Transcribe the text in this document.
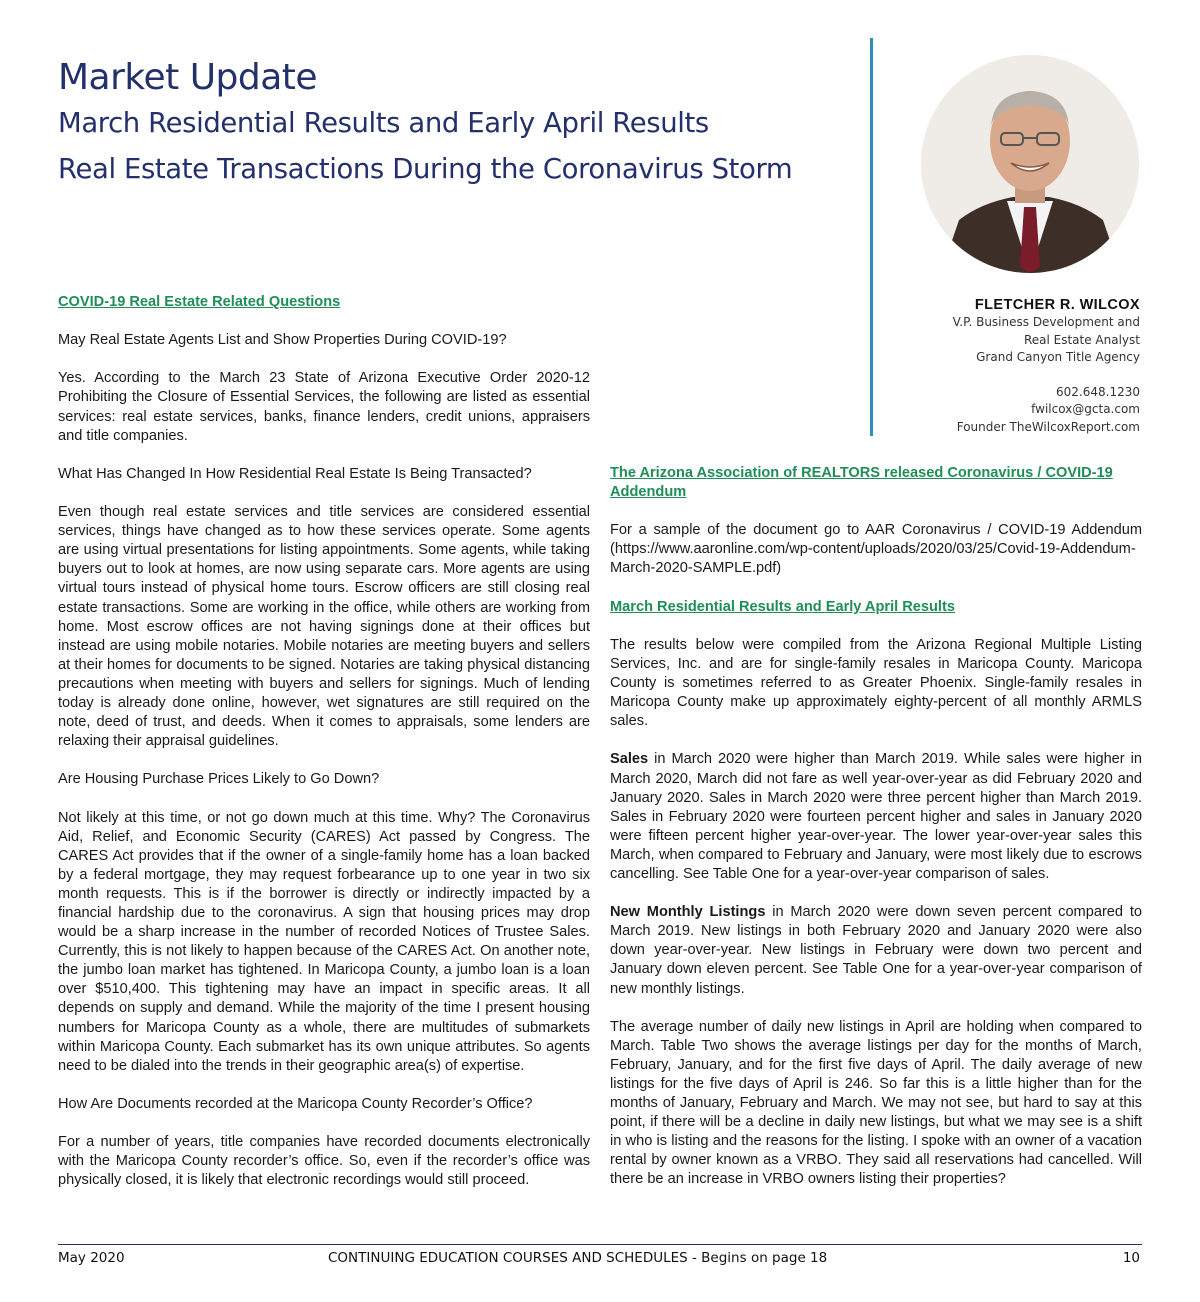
Market Update
March Residential Results and Early April Results
Real Estate Transactions During the Coronavirus Storm
FLETCHER R. WILCOX
V.P. Business Development and
Real Estate Analyst
Grand Canyon Title Agency
602.648.1230
fwilcox@gcta.com
Founder TheWilcoxReport.com

COVID-19 Real Estate Related Questions

May Real Estate Agents List and Show Properties During COVID-19?

Yes. According to the March 23 State of Arizona Executive Order 2020-12 Prohibiting the Closure of Essential Services, the following are listed as essential services: real estate services, banks, finance lenders, credit unions, appraisers and title companies.

What Has Changed In How Residential Real Estate Is Being Transacted?

Even though real estate services and title services are considered essential services, things have changed as to how these services operate. Some agents are using virtual presentations for listing appointments. Some agents, while taking buyers out to look at homes, are now using separate cars. More agents are using virtual tours instead of physical home tours. Escrow officers are still closing real estate transactions. Some are working in the office, while others are working from home. Most escrow offices are not having signings done at their offices but instead are using mobile notaries. Mobile notaries are meeting buyers and sellers at their homes for documents to be signed. Notaries are taking physical distancing precautions when meeting with buyers and sellers for signings. Much of lending today is already done online, however, wet signatures are still required on the note, deed of trust, and deeds. When it comes to appraisals, some lenders are relaxing their appraisal guidelines.

Are Housing Purchase Prices Likely to Go Down?

Not likely at this time, or not go down much at this time. Why? The Coronavirus Aid, Relief, and Economic Security (CARES) Act passed by Congress. The CARES Act provides that if the owner of a single-family home has a loan backed by a federal mortgage, they may request forbearance up to one year in two six month requests. This is if the borrower is directly or indirectly impacted by a financial hardship due to the coronavirus. A sign that housing prices may drop would be a sharp increase in the number of recorded Notices of Trustee Sales. Currently, this is not likely to happen because of the CARES Act. On another note, the jumbo loan market has tightened. In Maricopa County, a jumbo loan is a loan over $510,400. This tightening may have an impact in specific areas. It all depends on supply and demand. While the majority of the time I present housing numbers for Maricopa County as a whole, there are multitudes of submarkets within Maricopa County. Each submarket has its own unique attributes. So agents need to be dialed into the trends in their geographic area(s) of expertise.

How Are Documents recorded at the Maricopa County Recorder’s Office?

For a number of years, title companies have recorded documents electronically with the Maricopa County recorder’s office. So, even if the recorder’s office was physically closed, it is likely that electronic recordings would still proceed.

The Arizona Association of REALTORS released Coronavirus / COVID-19 Addendum

For a sample of the document go to AAR Coronavirus / COVID-19 Addendum (https://www.aaronline.com/wp-content/uploads/2020/03/25/Covid-19-Addendum-March-2020-SAMPLE.pdf)

March Residential Results and Early April Results

The results below were compiled from the Arizona Regional Multiple Listing Services, Inc. and are for single-family resales in Maricopa County. Maricopa County is sometimes referred to as Greater Phoenix. Single-family resales in Maricopa County make up approximately eighty-percent of all monthly ARMLS sales.

Sales in March 2020 were higher than March 2019. While sales were higher in March 2020, March did not fare as well year-over-year as did February 2020 and January 2020. Sales in March 2020 were three percent higher than March 2019. Sales in February 2020 were fourteen percent higher and sales in January 2020 were fifteen percent higher year-over-year. The lower year-over-year sales this March, when compared to February and January, were most likely due to escrows cancelling. See Table One for a year-over-year comparison of sales.

New Monthly Listings in March 2020 were down seven percent compared to March 2019. New listings in both February 2020 and January 2020 were also down year-over-year. New listings in February were down two percent and January down eleven percent. See Table One for a year-over-year comparison of new monthly listings.

The average number of daily new listings in April are holding when compared to March. Table Two shows the average listings per day for the months of March, February, January, and for the first five days of April. The daily average of new listings for the five days of April is 246. So far this is a little higher than for the months of January, February and March. We may not see, but hard to say at this point, if there will be a decline in daily new listings, but what we may see is a shift in who is listing and the reasons for the listing. I spoke with an owner of a vacation rental by owner known as a VRBO. They said all reservations had cancelled. Will there be an increase in VRBO owners listing their properties?

May 2020	CONTINUING EDUCATION COURSES AND SCHEDULES - Begins on page 18	10
